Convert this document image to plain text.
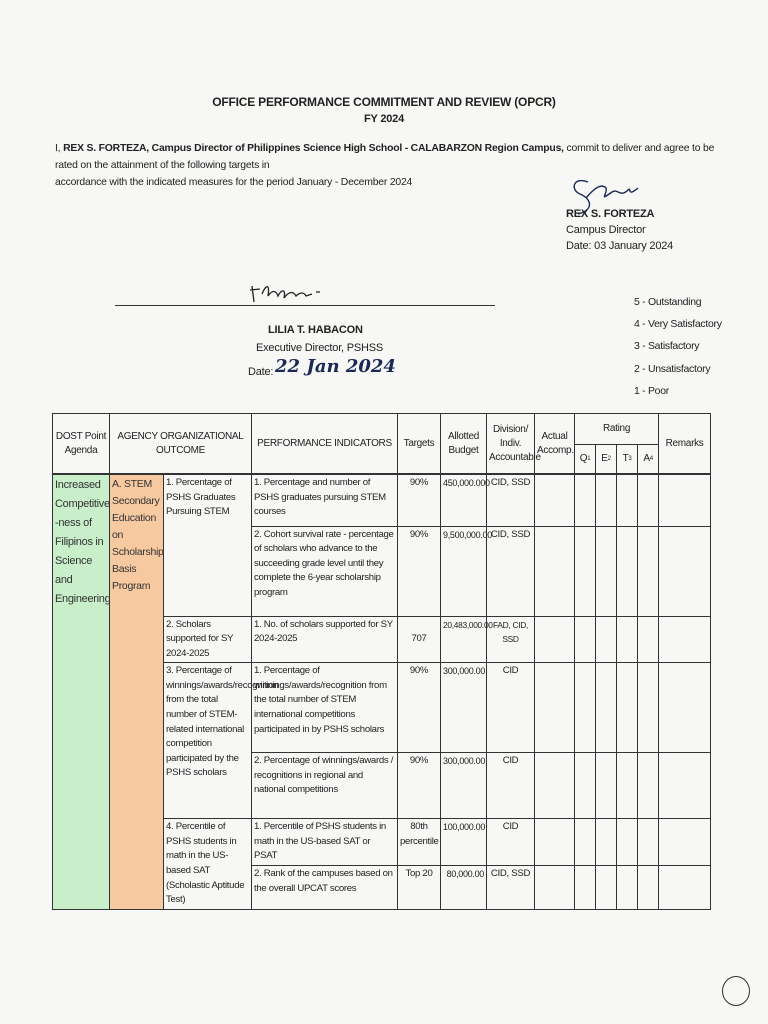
OFFICE PERFORMANCE COMMITMENT AND REVIEW (OPCR)
FY 2024
I, REX S. FORTEZA, Campus Director of Philippines Science High School - CALABARZON Region Campus, commit to deliver and agree to be rated on the attainment of the following targets in
accordance with the indicated measures for the period January - December 2024
REX S. FORTEZA
Campus Director
Date: 03 January 2024
LILIA T. HABACON
Executive Director, PSHSS
Date: 22 Jan 2024
5 - Outstanding
4 - Very Satisfactory
3 - Satisfactory
2 - Unsatisfactory
1 - Poor
DOST Point Agenda	AGENCY ORGANIZATIONAL OUTCOME		PERFORMANCE INDICATORS	Targets	Allotted Budget	Division/ Indiv. Accountable	Actual Accomp.	Rating				Remarks
								$Q^1$	$E^2$	$T^3$	$A^4$
Increased Competitive -ness of Filipinos in Science and Engineering	A. STEM Secondary Education on Scholarship Basis Program	1. Percentage of PSHS Graduates Pursuing STEM	1. Percentage and number of PSHS graduates pursuing STEM courses	90%	450,000.000	CID, SSD						
			2. Cohort survival rate - percentage of scholars who advance to the succeeding grade level until they complete the 6-year scholarship program	90%	9,500,000.00	CID, SSD						
		2. Scholars supported for SY 2024-2025	1. No. of scholars supported for SY 2024-2025	707	20,483,000.00	FAD, CID, SSD						
		3. Percentage of winnings/awards/recognition from the total number of STEM-related international competition participated by the PSHS scholars	1. Percentage of winnings/awards/recognition from the total number of STEM international competitions participated in by PSHS scholars	90%	300,000.00	CID						
			2. Percentage of winnings/awards / recognitions in regional and national competitions	90%	300,000.00	CID						
		4. Percentile of PSHS students in math in the US-based SAT (Scholastic Aptitude Test)	1. Percentile of PSHS students in math in the US-based SAT or PSAT	80th percentile	100,000.00	CID						
			2. Rank of the campuses based on the overall UPCAT scores	Top 20	80,000.00	CID, SSD						
